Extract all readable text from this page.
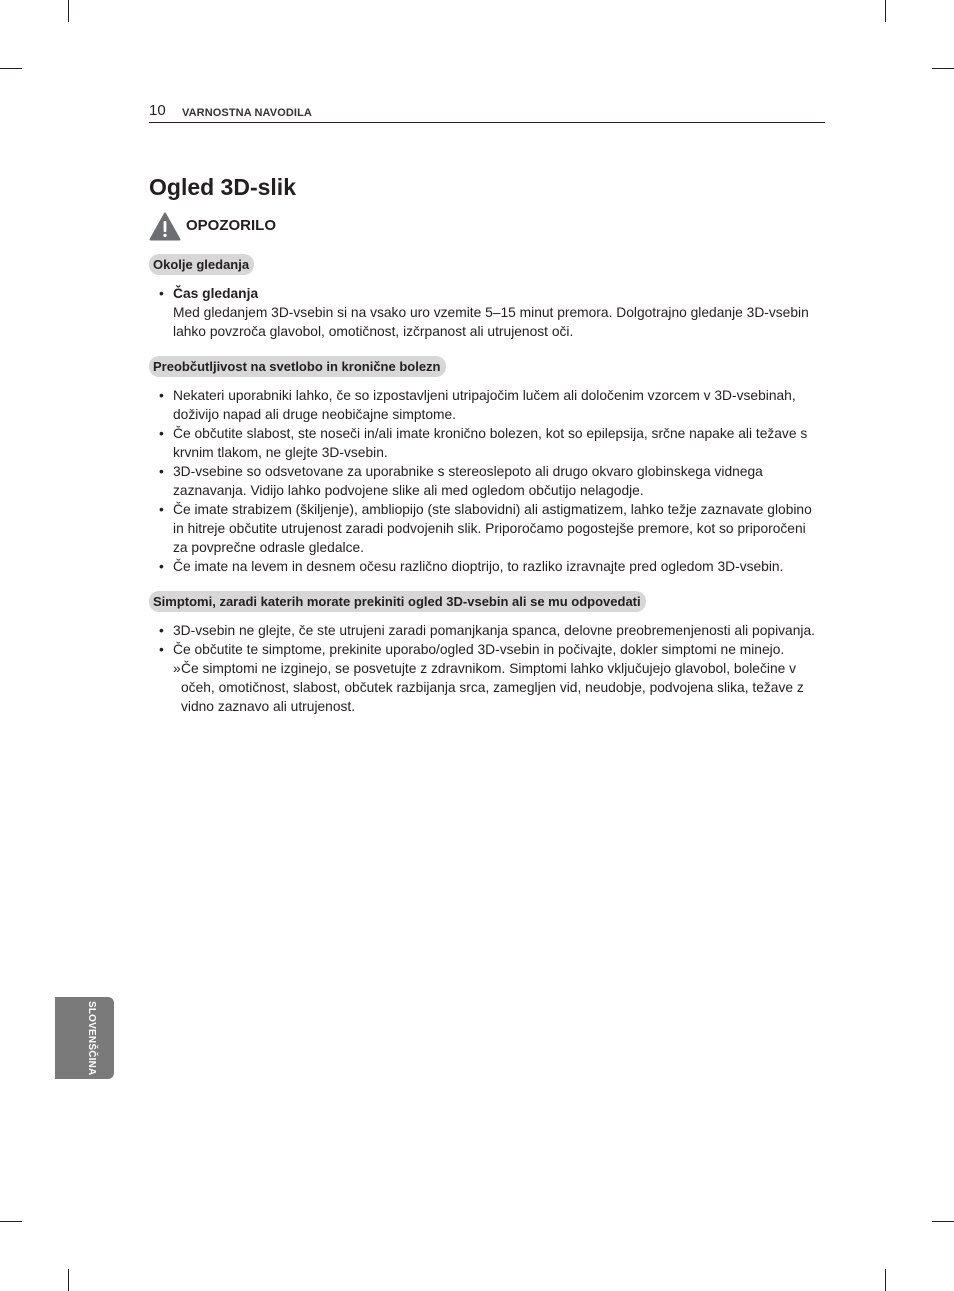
10 VARNOSTNA NAVODILA
Ogled 3D-slik
OPOZORILO
Okolje gledanja
• Čas gledanja
Med gledanjem 3D-vsebin si na vsako uro vzemite 5–15 minut premora. Dolgotrajno gledanje 3D-vsebin lahko povzroča glavobol, omotičnost, izčrpanost ali utrujenost oči.
Preobčutljivost na svetlobo in kronične bolezn
• Nekateri uporabniki lahko, če so izpostavljeni utripajočim lučem ali določenim vzorcem v 3D-vsebinah, doživijo napad ali druge neobičajne simptome.
• Če občutite slabost, ste noseči in/ali imate kronično bolezen, kot so epilepsija, srčne napake ali težave s krvnim tlakom, ne glejte 3D-vsebin.
• 3D-vsebine so odsvetovane za uporabnike s stereoslepoto ali drugo okvaro globinskega vidnega zaznavanja. Vidijo lahko podvojene slike ali med ogledom občutijo nelagodje.
• Če imate strabizem (škiljenje), ambliopijo (ste slabovidni) ali astigmatizem, lahko težje zaznavate globino in hitreje občutite utrujenost zaradi podvojenih slik. Priporočamo pogostejše premore, kot so priporočeni za povprečne odrasle gledalce.
• Če imate na levem in desnem očesu različno dioptrijo, to razliko izravnajte pred ogledom 3D-vsebin.
Simptomi, zaradi katerih morate prekiniti ogled 3D-vsebin ali se mu odpovedati
• 3D-vsebin ne glejte, če ste utrujeni zaradi pomanjkanja spanca, delovne preobremenjenosti ali popivanja.
• Če občutite te simptome, prekinite uporabo/ogled 3D-vsebin in počivajte, dokler simptomi ne minejo.
» Če simptomi ne izginejo, se posvetujte z zdravnikom. Simptomi lahko vključujejo glavobol, bolečine v očeh, omotičnost, slabost, občutek razbijanja srca, zamegljen vid, neudobje, podvojena slika, težave z vidno zaznavo ali utrujenost.
SLOVENŠČINA
